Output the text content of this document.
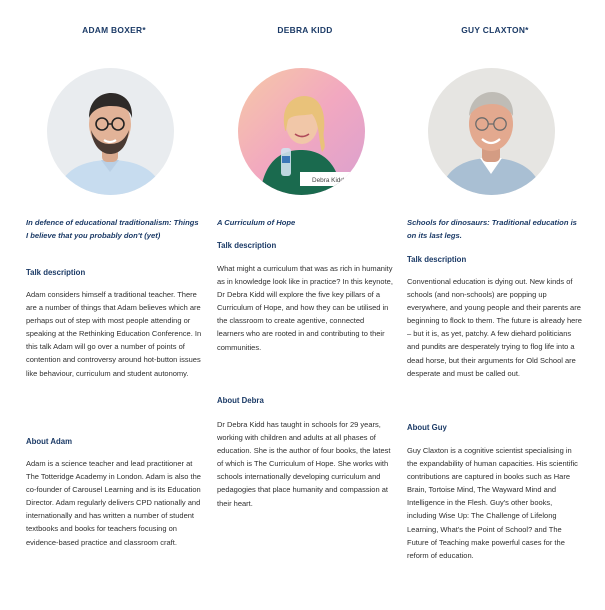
ADAM BOXER*
In defence of educational traditionalism: Things I believe that you probably don't (yet)
Talk description
Adam considers himself a traditional teacher. There are a number of things that Adam believes which are perhaps out of step with most people attending or speaking at the Rethinking Education Conference. In this talk Adam will go over a number of points of contention and controversy around hot-button issues like behaviour, curriculum and student autonomy.
About Adam
Adam is a science teacher and lead practitioner at The Totteridge Academy in London. Adam is also the co-founder of Carousel Learning and is its Education Director. Adam regularly delivers CPD nationally and internationally and has written a number of student textbooks and books for teachers focusing on evidence-based practice and classroom craft.
DEBRA KIDD
Debra Kidd
A Curriculum of Hope
Talk description
What might a curriculum that was as rich in humanity as in knowledge look like in practice? In this keynote, Dr Debra Kidd will explore the five key pillars of a Curriculum of Hope, and how they can be utilised in the classroom to create agentive, connected learners who are rooted in and contributing to their communities.
About Debra
Dr Debra Kidd has taught in schools for 29 years, working with children and adults at all phases of education. She is the author of four books, the latest of which is The Curriculum of Hope. She works with schools internationally developing curriculum and pedagogies that place humanity and compassion at their heart.
GUY CLAXTON*
Schools for dinosaurs: Traditional education is on its last legs.
Talk description
Conventional education is dying out. New kinds of schools (and non-schools) are popping up everywhere, and young people and their parents are beginning to flock to them. The future is already here – but it is, as yet, patchy. A few diehard politicians and pundits are desperately trying to flog life into a dead horse, but their arguments for Old School are desperate and must be called out.
About Guy
Guy Claxton is a cognitive scientist specialising in the expandability of human capacities. His scientific contributions are captured in books such as Hare Brain, Tortoise Mind, The Wayward Mind and Intelligence in the Flesh. Guy's other books, including Wise Up: The Challenge of Lifelong Learning, What's the Point of School? and The Future of Teaching make powerful cases for the reform of education.
